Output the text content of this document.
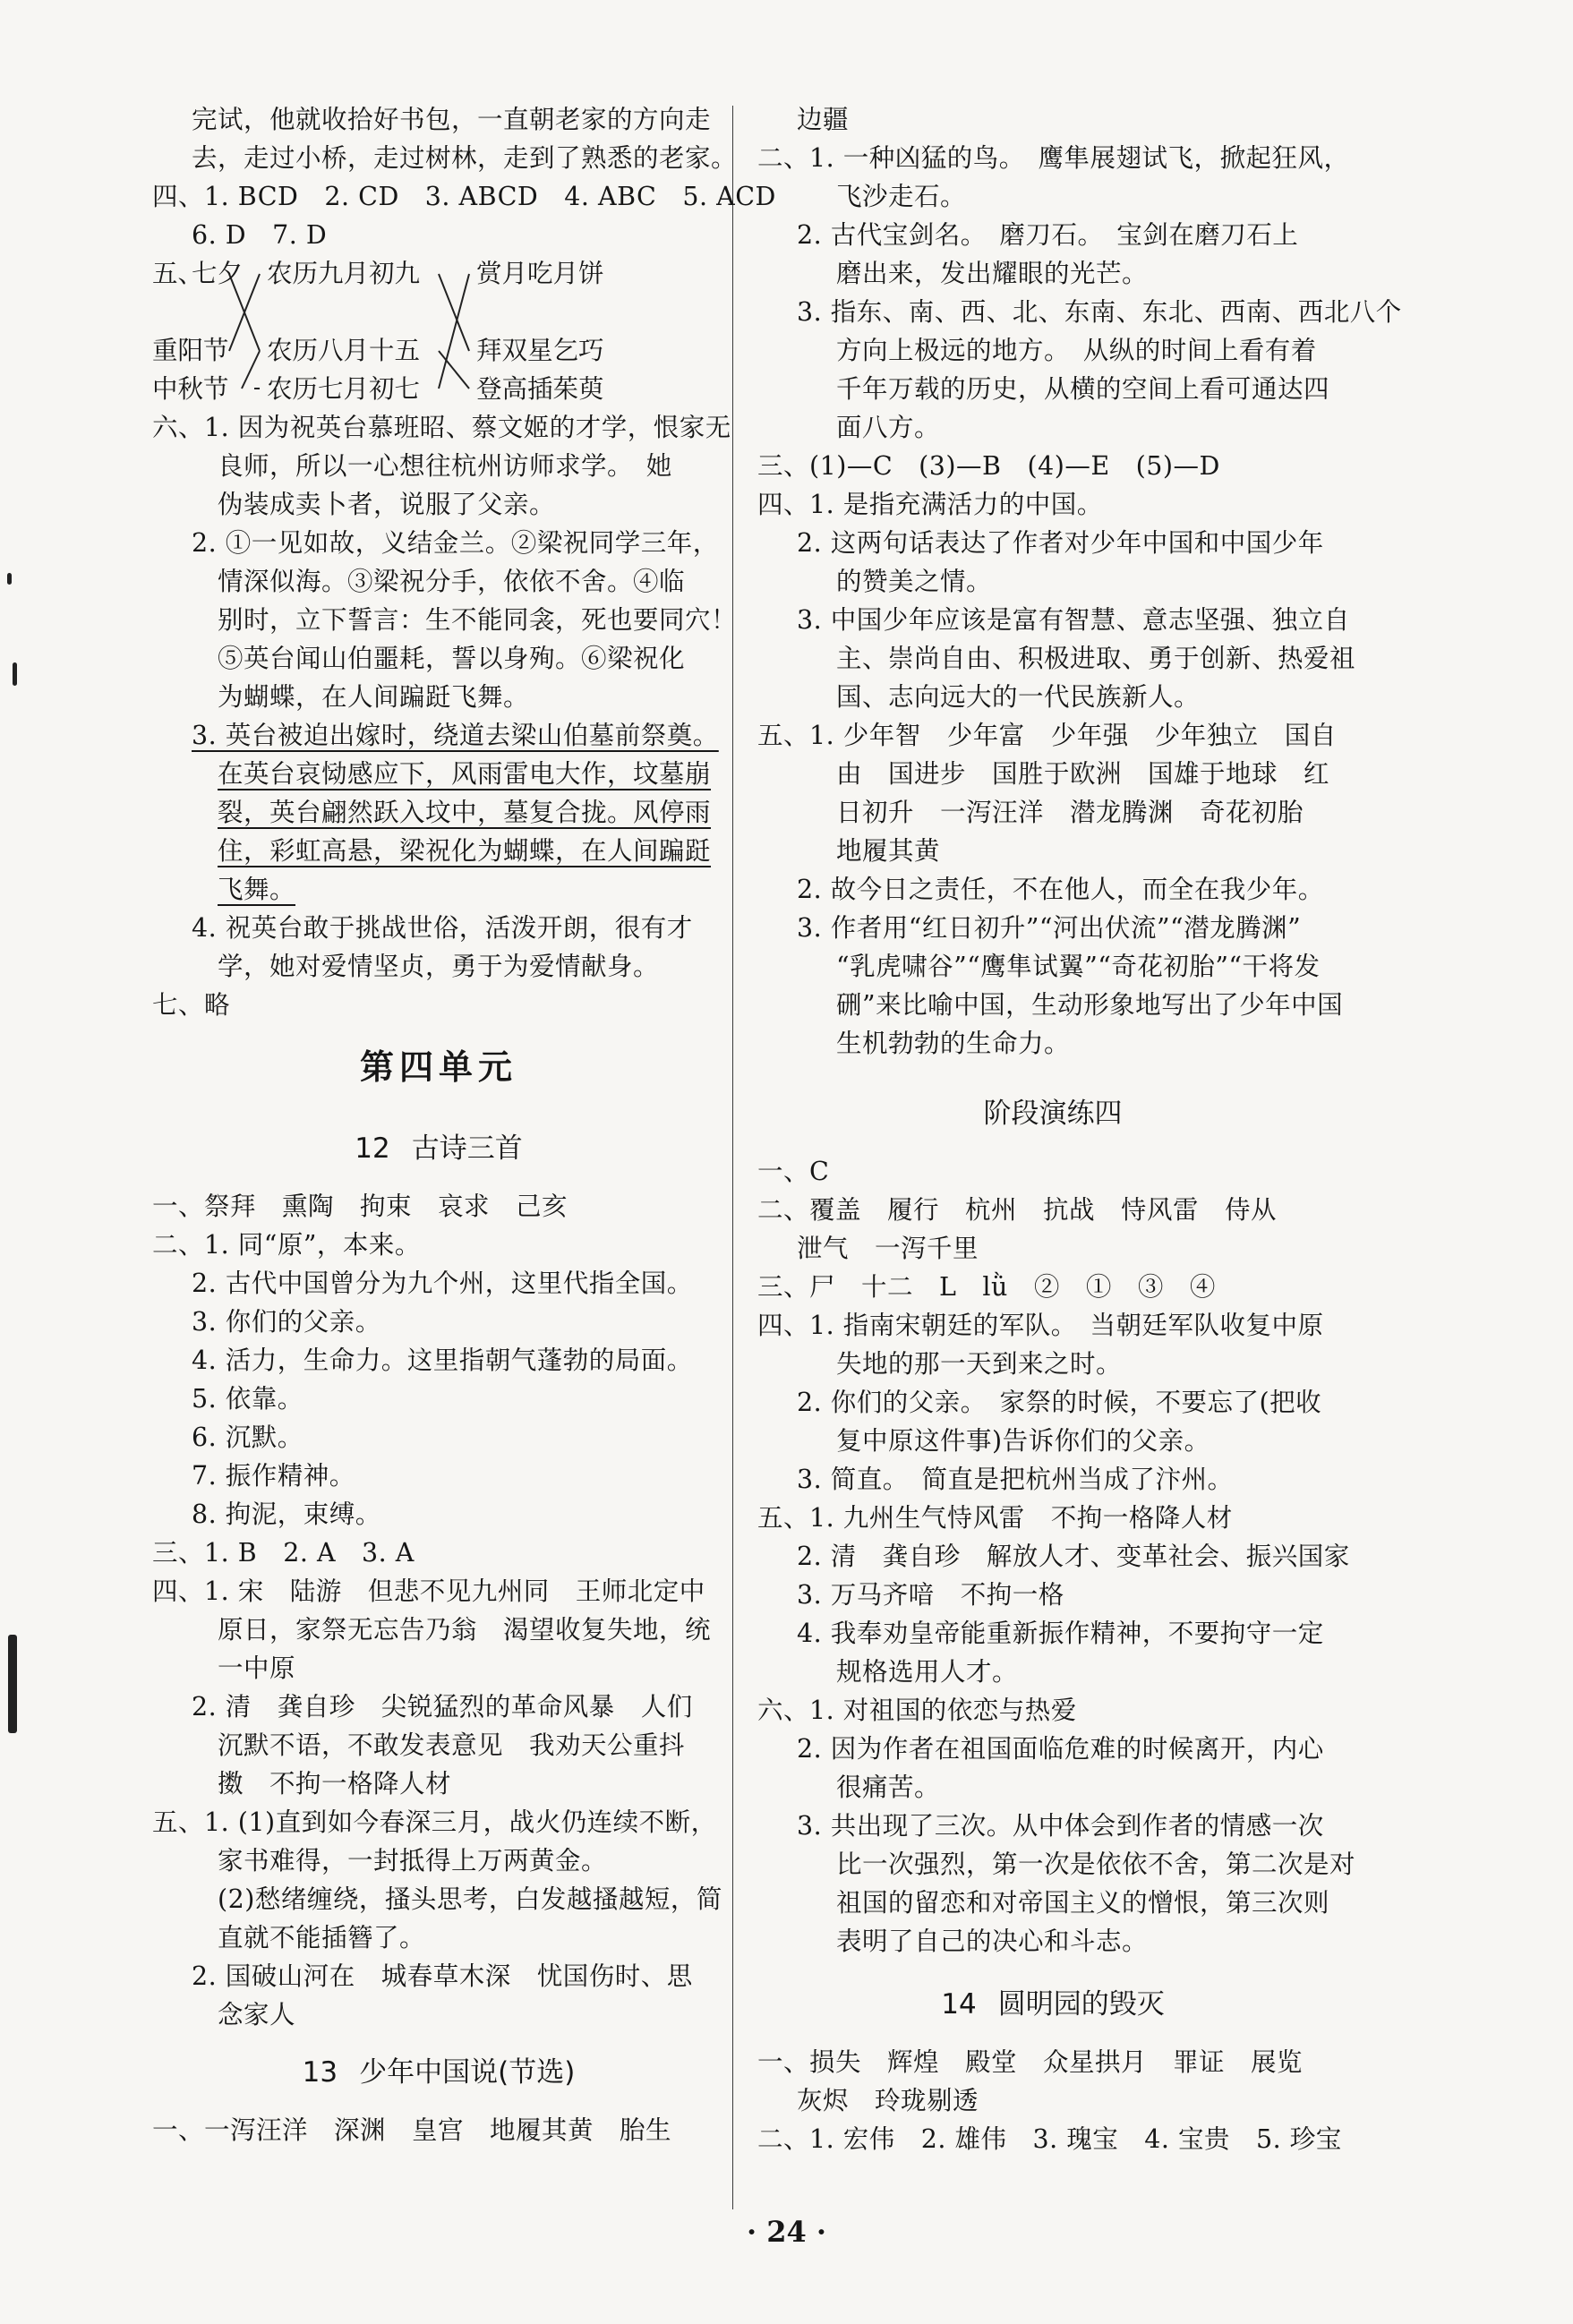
完试，他就收拾好书包，一直朝老家的方向走
去，走过小桥，走过树林，走到了熟悉的老家。
四、1. BCD　2. CD　3. ABCD　4. ABC　5. ACD
6. D　7. D
五、
七夕
重阳节
中秋节
农历九月初九
农历八月十五
农历七月初七
赏月吃月饼
拜双星乞巧
登高插茱萸
六、1. 因为祝英台慕班昭、蔡文姬的才学，恨家无
良师，所以一心想往杭州访师求学。　她
伪装成卖卜者，说服了父亲。
2. ①一见如故，义结金兰。②梁祝同学三年，
情深似海。③梁祝分手，依依不舍。④临
别时，立下誓言：生不能同衾，死也要同穴！
⑤英台闻山伯噩耗，誓以身殉。⑥梁祝化
为蝴蝶，在人间蹁跹飞舞。
3. 英台被迫出嫁时，绕道去梁山伯墓前祭奠。
在英台哀恸感应下，风雨雷电大作，坟墓崩
裂，英台翩然跃入坟中，墓复合拢。风停雨
住，彩虹高悬，梁祝化为蝴蝶，在人间蹁跹
飞舞。
4. 祝英台敢于挑战世俗，活泼开朗，很有才
学，她对爱情坚贞，勇于为爱情献身。
七、略
第四单元
12 古诗三首
一、祭拜　熏陶　拘束　哀求　己亥
二、1. 同“原”，本来。
2. 古代中国曾分为九个州，这里代指全国。
3. 你们的父亲。
4. 活力，生命力。这里指朝气蓬勃的局面。
5. 依靠。
6. 沉默。
7. 振作精神。
8. 拘泥，束缚。
三、1. B　2. A　3. A
四、1. 宋　陆游　但悲不见九州同　王师北定中
原日，家祭无忘告乃翁　渴望收复失地，统
一中原
2. 清　龚自珍　尖锐猛烈的革命风暴　人们
沉默不语，不敢发表意见　我劝天公重抖
擞　不拘一格降人材
五、1. (1)直到如今春深三月，战火仍连续不断，
家书难得，一封抵得上万两黄金。
(2)愁绪缠绕，搔头思考，白发越搔越短，简
直就不能插簪了。
2. 国破山河在　城春草木深　忧国伤时、思
念家人
13 少年中国说(节选)
一、一泻汪洋　深渊　皇宫　地履其黄　胎生
边疆
二、1. 一种凶猛的鸟。　鹰隼展翅试飞，掀起狂风，
飞沙走石。
2. 古代宝剑名。　磨刀石。　宝剑在磨刀石上
磨出来，发出耀眼的光芒。
3. 指东、南、西、北、东南、东北、西南、西北八个
方向上极远的地方。　从纵的时间上看有着
千年万载的历史，从横的空间上看可通达四
面八方。
三、(1)—C　(3)—B　(4)—E　(5)—D
四、1. 是指充满活力的中国。
2. 这两句话表达了作者对少年中国和中国少年
的赞美之情。
3. 中国少年应该是富有智慧、意志坚强、独立自
主、崇尚自由、积极进取、勇于创新、热爱祖
国、志向远大的一代民族新人。
五、1. 少年智　少年富　少年强　少年独立　国自
由　国进步　国胜于欧洲　国雄于地球　红
日初升　一泻汪洋　潜龙腾渊　奇花初胎
地履其黄
2. 故今日之责任，不在他人，而全在我少年。
3. 作者用“红日初升”“河出伏流”“潜龙腾渊”
“乳虎啸谷”“鹰隼试翼”“奇花初胎”“干将发
硎”来比喻中国，生动形象地写出了少年中国
生机勃勃的生命力。
阶段演练四
一、C
二、覆盖　履行　杭州　抗战　恃风雷　侍从
泄气　一泻千里
三、尸　十二　L　lǜ　②　①　③　④
四、1. 指南宋朝廷的军队。　当朝廷军队收复中原
失地的那一天到来之时。
2. 你们的父亲。　家祭的时候，不要忘了(把收
复中原这件事)告诉你们的父亲。
3. 简直。　简直是把杭州当成了汴州。
五、1. 九州生气恃风雷　不拘一格降人材
2. 清　龚自珍　解放人才、变革社会、振兴国家
3. 万马齐喑　不拘一格
4. 我奉劝皇帝能重新振作精神，不要拘守一定
规格选用人才。
六、1. 对祖国的依恋与热爱
2. 因为作者在祖国面临危难的时候离开，内心
很痛苦。
3. 共出现了三次。从中体会到作者的情感一次
比一次强烈，第一次是依依不舍，第二次是对
祖国的留恋和对帝国主义的憎恨，第三次则
表明了自己的决心和斗志。
14 圆明园的毁灭
一、损失　辉煌　殿堂　众星拱月　罪证　展览
灰烬　玲珑剔透
二、1. 宏伟　2. 雄伟　3. 瑰宝　4. 宝贵　5. 珍宝
· 24 ·
